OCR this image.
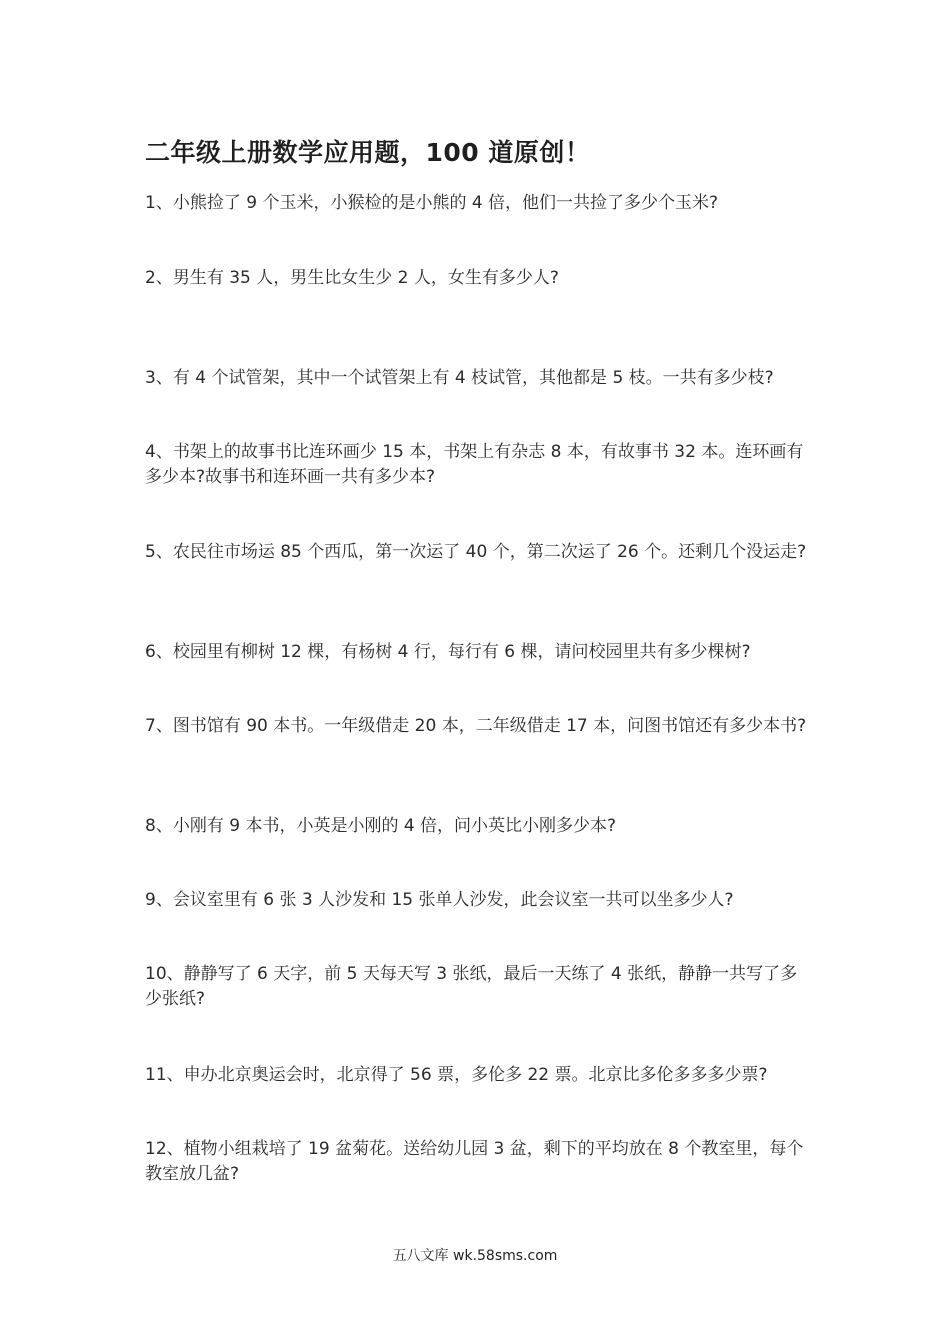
二年级上册数学应用题，100 道原创！
1、小熊捡了 9 个玉米，小猴检的是小熊的 4 倍，他们一共捡了多少个玉米?
2、男生有 35 人，男生比女生少 2 人，女生有多少人?
3、有 4 个试管架，其中一个试管架上有 4 枝试管，其他都是 5 枝。一共有多少枝?
4、书架上的故事书比连环画少 15 本，书架上有杂志 8 本，有故事书 32 本。连环画有多少本?故事书和连环画一共有多少本?
5、农民往市场运 85 个西瓜，第一次运了 40 个，第二次运了 26 个。还剩几个没运走?
6、校园里有柳树 12 棵，有杨树 4 行，每行有 6 棵，请问校园里共有多少棵树?
7、图书馆有 90 本书。一年级借走 20 本，二年级借走 17 本，问图书馆还有多少本书?
8、小刚有 9 本书，小英是小刚的 4 倍，问小英比小刚多少本?
9、会议室里有 6 张 3 人沙发和 15 张单人沙发，此会议室一共可以坐多少人?
10、静静写了 6 天字，前 5 天每天写 3 张纸，最后一天练了 4 张纸，静静一共写了多少张纸?
11、申办北京奥运会时，北京得了 56 票，多伦多 22 票。北京比多伦多多多少票?
12、植物小组栽培了 19 盆菊花。送给幼儿园 3 盆，剩下的平均放在 8 个教室里，每个教室放几盆?
五八文库 wk.58sms.com
